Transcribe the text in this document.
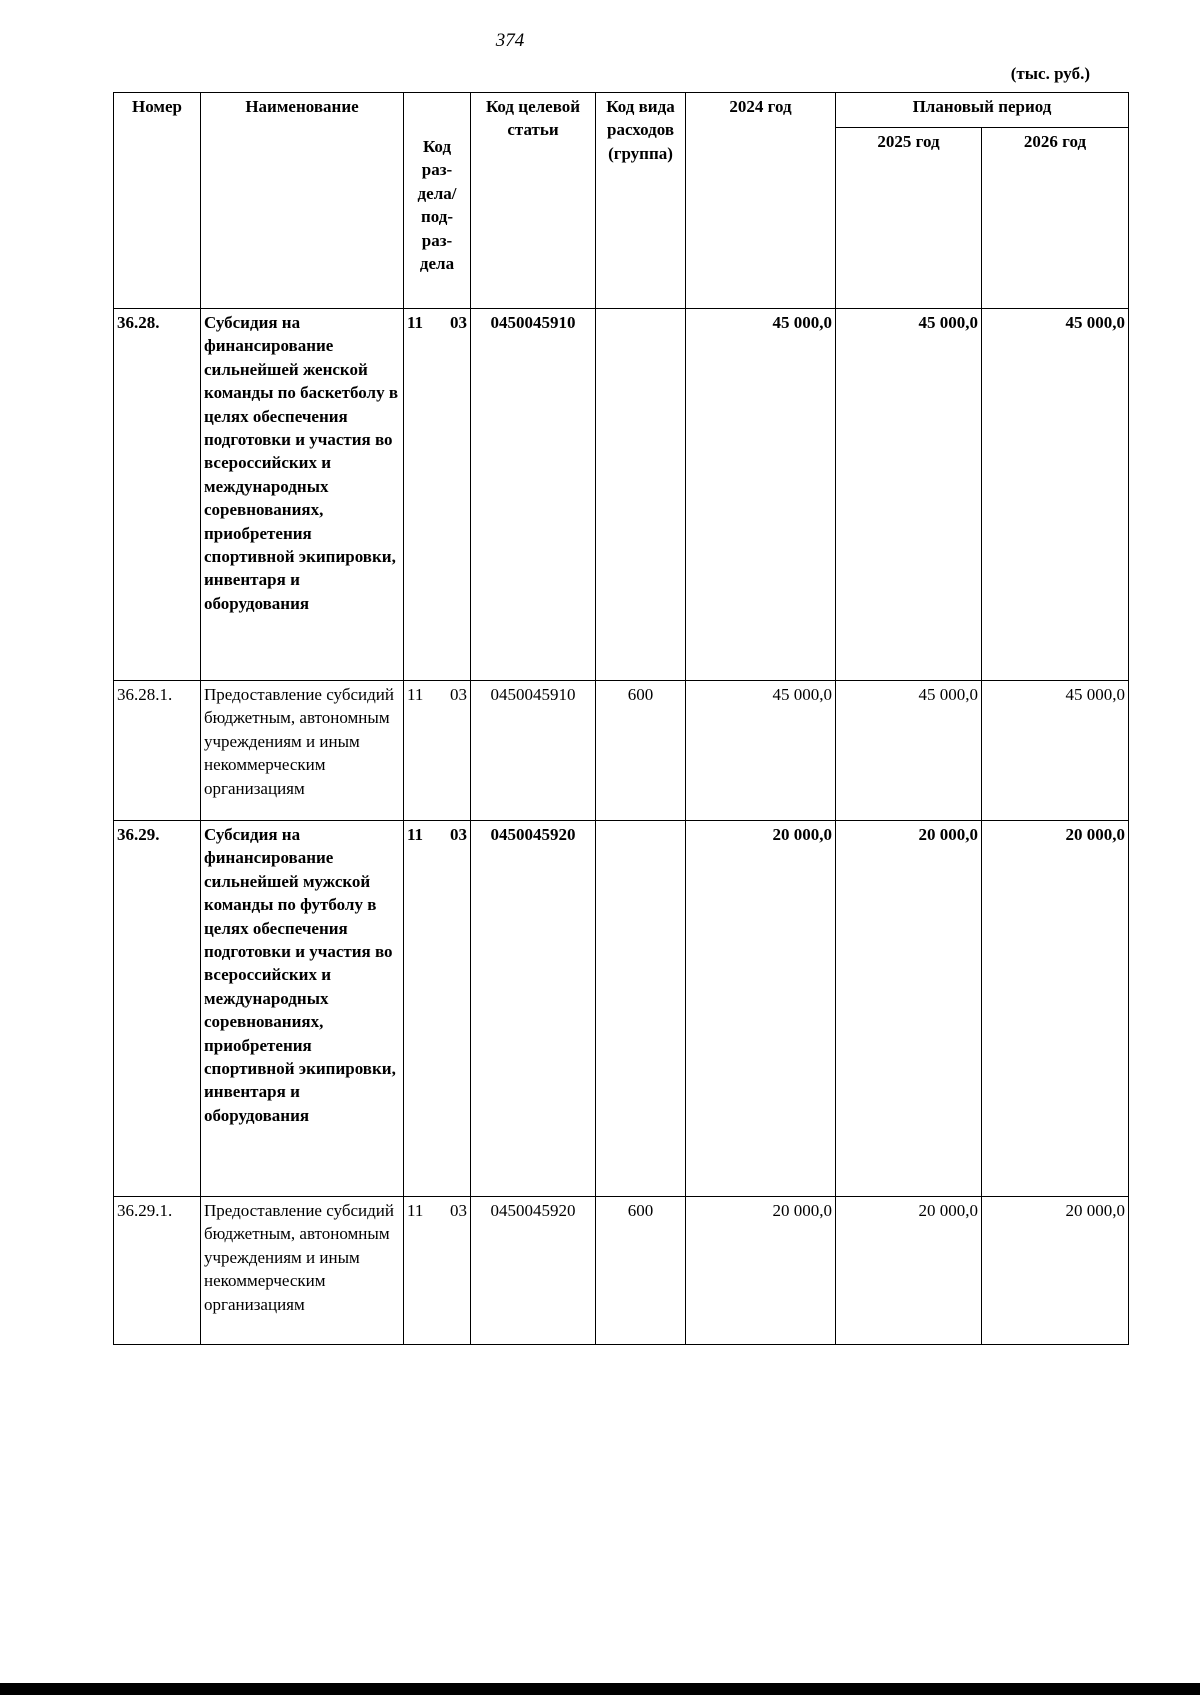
374
(тыс. руб.)
Номер	Наименование	Код раз- дела/ под- раз- дела	Код целевой статьи	Код вида расходов (группа)	2024 год	Плановый период	
						2025 год	2026 год
36.28.	Субсидия на финансирование сильнейшей женской команды по баскетболу в целях обеспечения подготовки и участия во всероссийских и международных соревнованиях, приобретения спортивной экипировки, инвентаря и оборудования	11 03	0450045910		45 000,0	45 000,0	45 000,0
36.28.1.	Предоставление субсидий бюджетным, автономным учреждениям и иным некоммерческим организациям	11 03	0450045910	600	45 000,0	45 000,0	45 000,0
36.29.	Субсидия на финансирование сильнейшей мужской команды по футболу в целях обеспечения подготовки и участия во всероссийских и международных соревнованиях, приобретения спортивной экипировки, инвентаря и оборудования	11 03	0450045920		20 000,0	20 000,0	20 000,0
36.29.1.	Предоставление субсидий бюджетным, автономным учреждениям и иным некоммерческим организациям	11 03	0450045920	600	20 000,0	20 000,0	20 000,0
